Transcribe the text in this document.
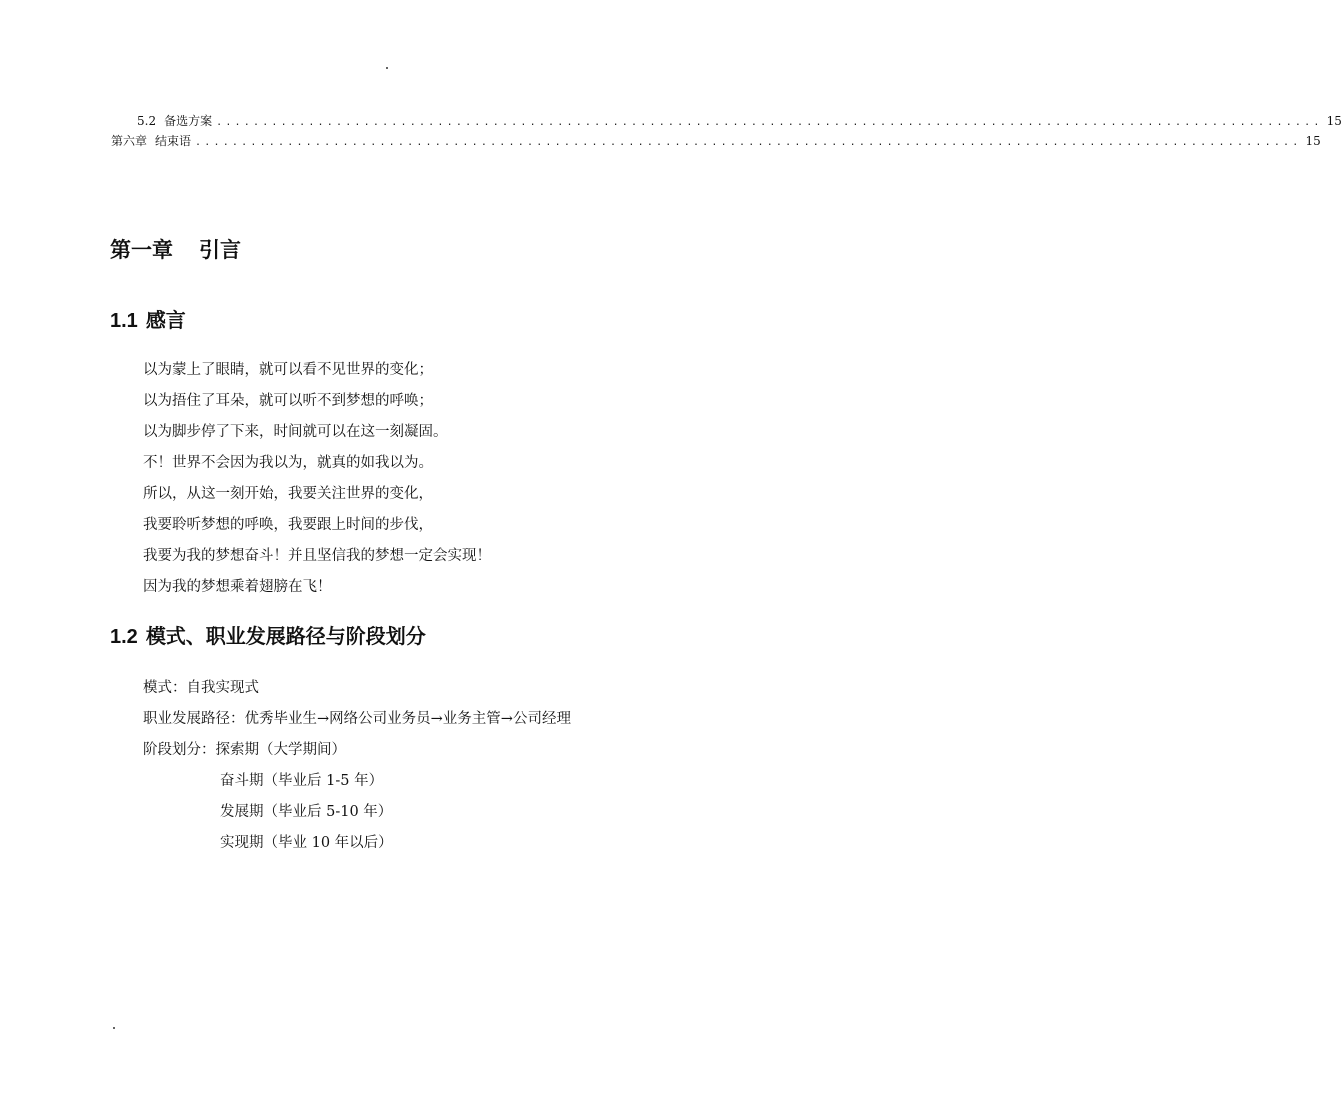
5.2 备选方案 ........................................................................................................................ 15
第六章 结束语 ........................................................................................................................ 15
第一章 引言
1.1 感言
以为蒙上了眼睛，就可以看不见世界的变化；
以为捂住了耳朵，就可以听不到梦想的呼唤；
以为脚步停了下来，时间就可以在这一刻凝固。
不！世界不会因为我以为，就真的如我以为。
所以，从这一刻开始，我要关注世界的变化，
我要聆听梦想的呼唤，我要跟上时间的步伐，
我要为我的梦想奋斗！并且坚信我的梦想一定会实现！
因为我的梦想乘着翅膀在飞！
1.2 模式、职业发展路径与阶段划分
模式：自我实现式
职业发展路径：优秀毕业生→网络公司业务员→业务主管→公司经理
阶段划分：探索期（大学期间）
奋斗期（毕业后 1-5 年）
发展期（毕业后 5-10 年）
实现期（毕业 10 年以后）
